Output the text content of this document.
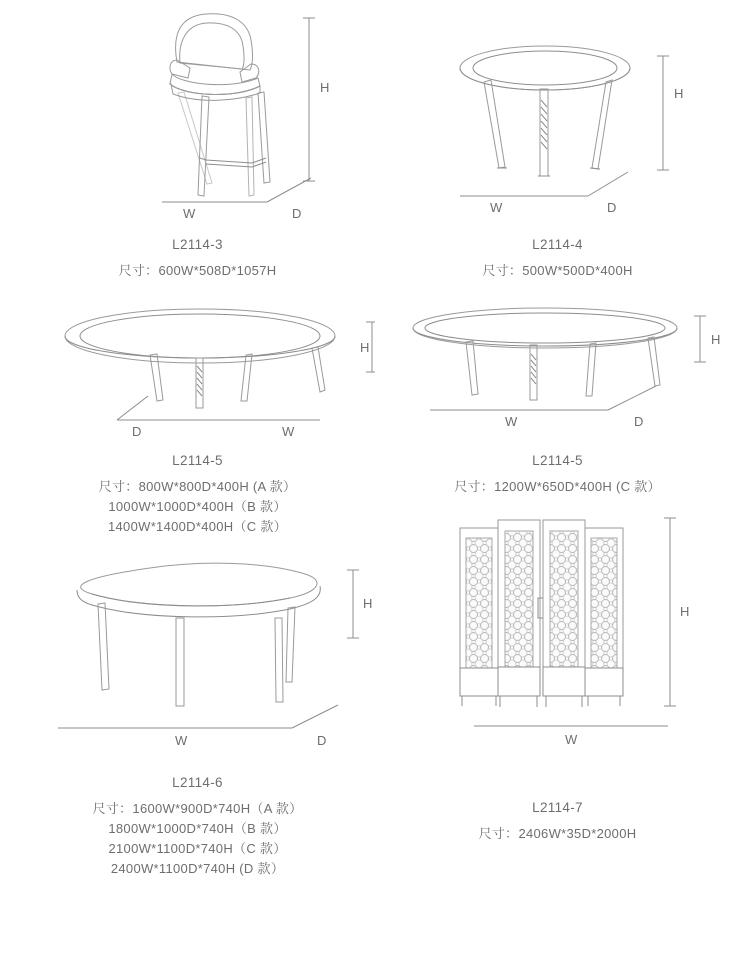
H
W	D
L2114-3
尺寸：600W*508D*1057H
H
W	D
L2114-4
尺寸：500W*500D*400H
H
D	W
L2114-5
尺寸：800W*800D*400H (A 款）
1000W*1000D*400H（B 款）
1400W*1400D*400H（C 款）
H
W	D
L2114-5
尺寸：1200W*650D*400H (C 款）
H
W	D
L2114-6
尺寸：1600W*900D*740H（A 款）
1800W*1000D*740H（B 款）
2100W*1100D*740H（C 款）
2400W*1100D*740H (D 款）
H
W
L2114-7
尺寸：2406W*35D*2000H
